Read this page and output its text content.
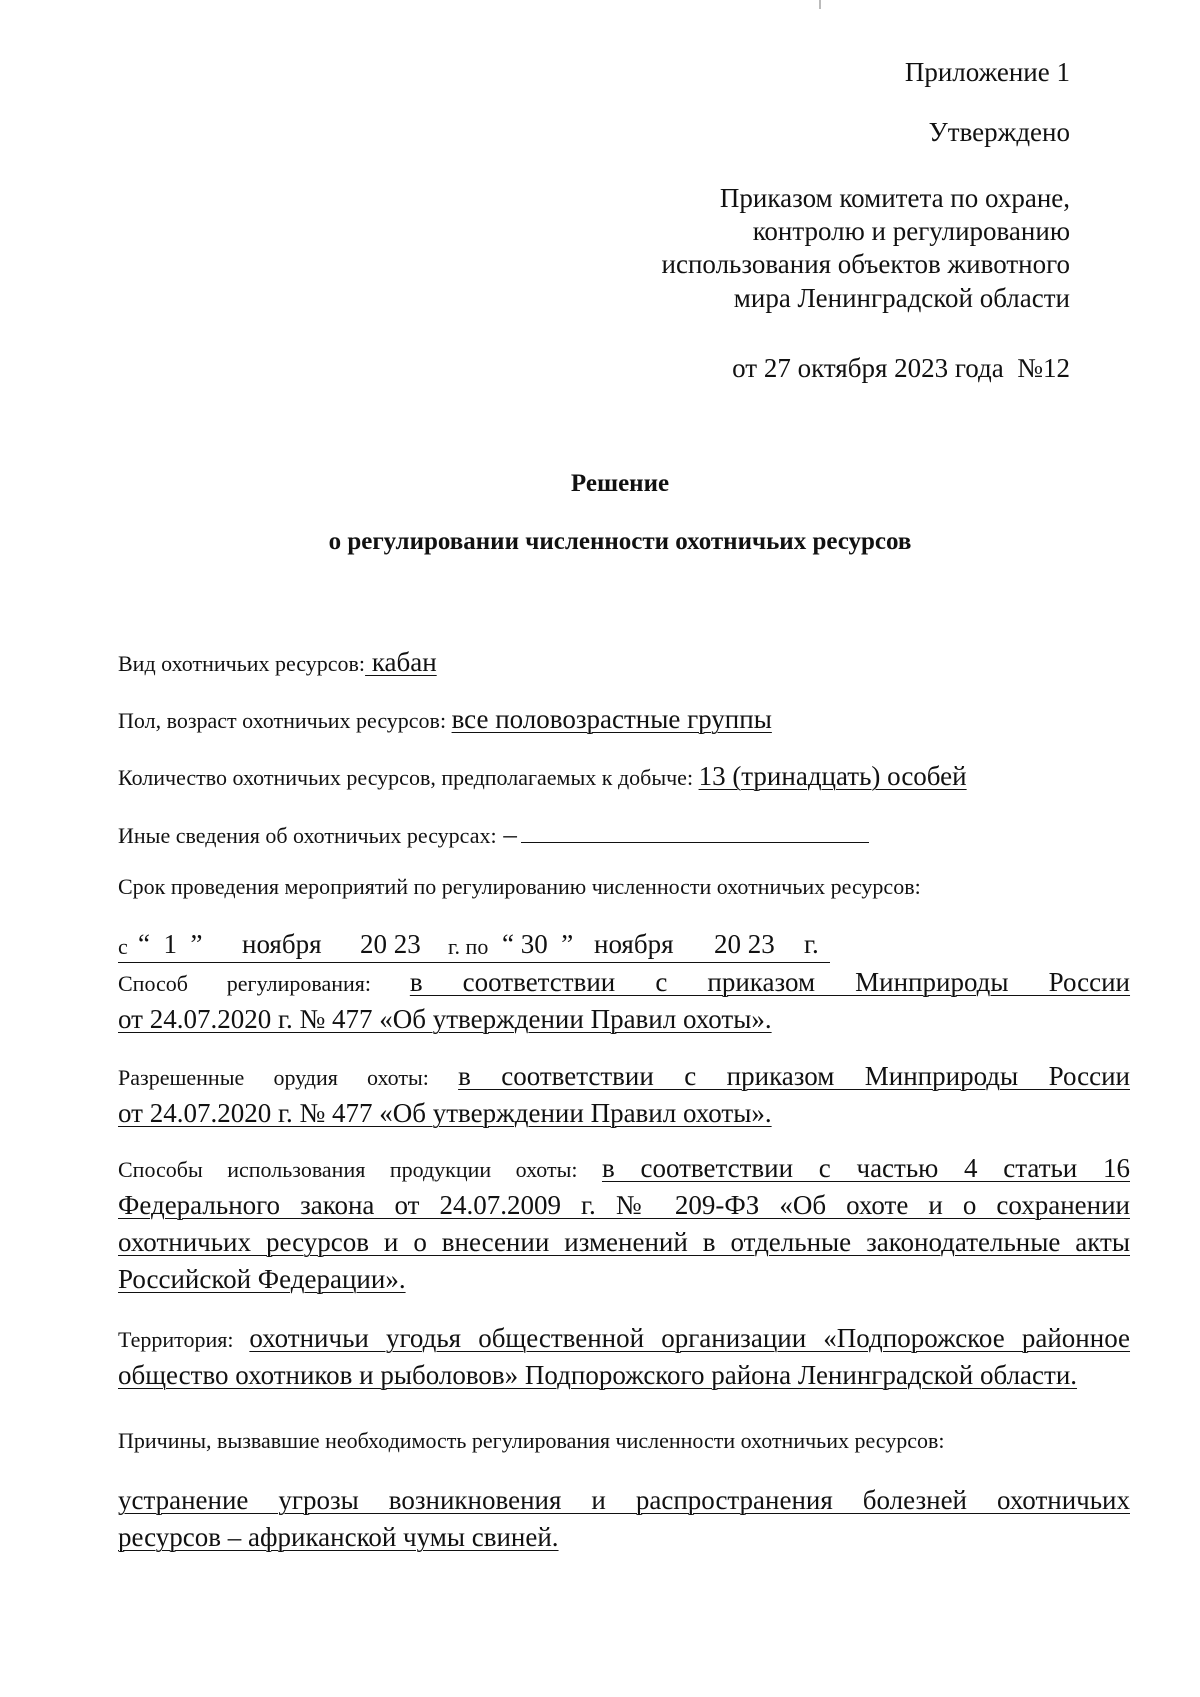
Приложение 1
Утверждено
Приказом комитета по охране,
контролю и регулированию
использования объектов животного
мира Ленинградской области
от 27 октября 2023 года  №12
Решение
о регулировании численности охотничьих ресурсов
Вид охотничьих ресурсов: кабан
Пол, возраст охотничьих ресурсов: все половозрастные группы
Количество охотничьих ресурсов, предполагаемых к добыче: 13 (тринадцать) особей
Иные сведения об охотничьих ресурсах: –
Срок проведения мероприятий по регулированию численности охотничьих ресурсов:
с “  1  ” ноября 20 23 г. по “ 30  ” ноября 20 23 г.
Способ регулирования: в соответствии с приказом Минприроды России
от 24.07.2020 г. № 477 «Об утверждении Правил охоты».
Разрешенные орудия охоты: в соответствии с приказом Минприроды России
от 24.07.2020 г. № 477 «Об утверждении Правил охоты».
Способы использования продукции охоты: в соответствии с частью 4 статьи 16
Федерального закона от 24.07.2009 г. № 209-ФЗ «Об охоте и о сохранении
охотничьих ресурсов и о внесении изменений в отдельные законодательные акты
Российской Федерации».
Территория: охотничьи угодья общественной организации «Подпорожское районное
общество охотников и рыболовов» Подпорожского района Ленинградской области.
Причины, вызвавшие необходимость регулирования численности охотничьих ресурсов:
устранение угрозы возникновения и распространения болезней охотничьих
ресурсов – африканской чумы свиней.
